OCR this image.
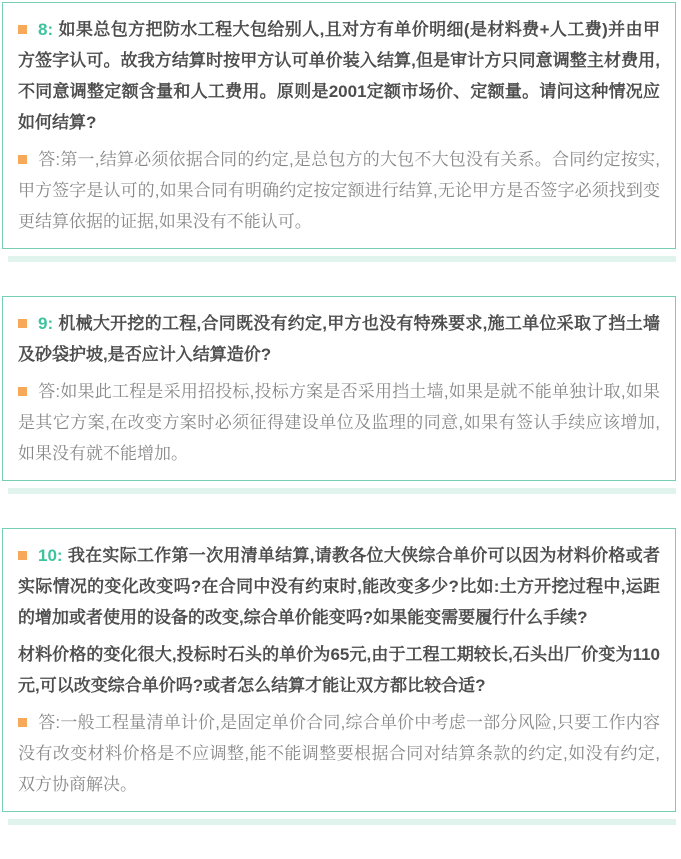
8: 如果总包方把防水工程大包给别人,且对方有单价明细(是材料费+人工费)并由甲方签字认可。故我方结算时按甲方认可单价装入结算,但是审计方只同意调整主材费用,不同意调整定额含量和人工费用。原则是2001定额市场价、定额量。请问这种情况应如何结算?

答:第一,结算必须依据合同的约定,是总包方的大包不大包没有关系。合同约定按实,甲方签字是认可的,如果合同有明确约定按定额进行结算,无论甲方是否签字必须找到变更结算依据的证据,如果没有不能认可。

9: 机械大开挖的工程,合同既没有约定,甲方也没有特殊要求,施工单位采取了挡土墙及砂袋护坡,是否应计入结算造价?

答:如果此工程是采用招投标,投标方案是否采用挡土墙,如果是就不能单独计取,如果是其它方案,在改变方案时必须征得建设单位及监理的同意,如果有签认手续应该增加,如果没有就不能增加。

10: 我在实际工作第一次用清单结算,请教各位大侠综合单价可以因为材料价格或者实际情况的变化改变吗?在合同中没有约束时,能改变多少?比如:土方开挖过程中,运距的增加或者使用的设备的改变,综合单价能变吗?如果能变需要履行什么手续?

材料价格的变化很大,投标时石头的单价为65元,由于工程工期较长,石头出厂价变为110元,可以改变综合单价吗?或者怎么结算才能让双方都比较合适?

答:一般工程量清单计价,是固定单价合同,综合单价中考虑一部分风险,只要工作内容没有改变材料价格是不应调整,能不能调整要根据合同对结算条款的约定,如没有约定,双方协商解决。
